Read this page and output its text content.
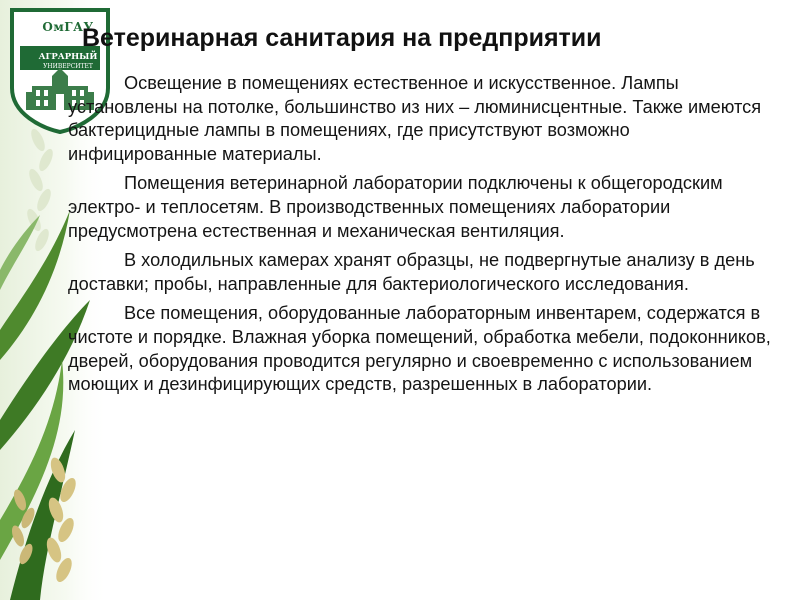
ОмГАУ
АГРАРНЫЙ
УНИВЕРСИТЕТ
Ветеринарная санитария на предприятии

Освещение в помещениях естественное и искусственное. Лампы установлены на потолке, большинство из них – люминисцентные. Также имеются бактерицидные лампы в помещениях, где присутствуют возможно инфицированные материалы.

Помещения ветеринарной лаборатории подключены к общегородским электро- и теплосетям. В производственных помещениях лаборатории предусмотрена естественная и механическая вентиляция.

В холодильных камерах хранят образцы, не подвергнутые анализу в день доставки; пробы, направленные для бактериологического исследования.

Все помещения, оборудованные лабораторным инвентарем, содержатся в чистоте и порядке. Влажная уборка помещений, обработка мебели, подоконников, дверей, оборудования проводится регулярно и своевременно с использованием моющих и дезинфицирующих средств, разрешенных в лаборатории.
